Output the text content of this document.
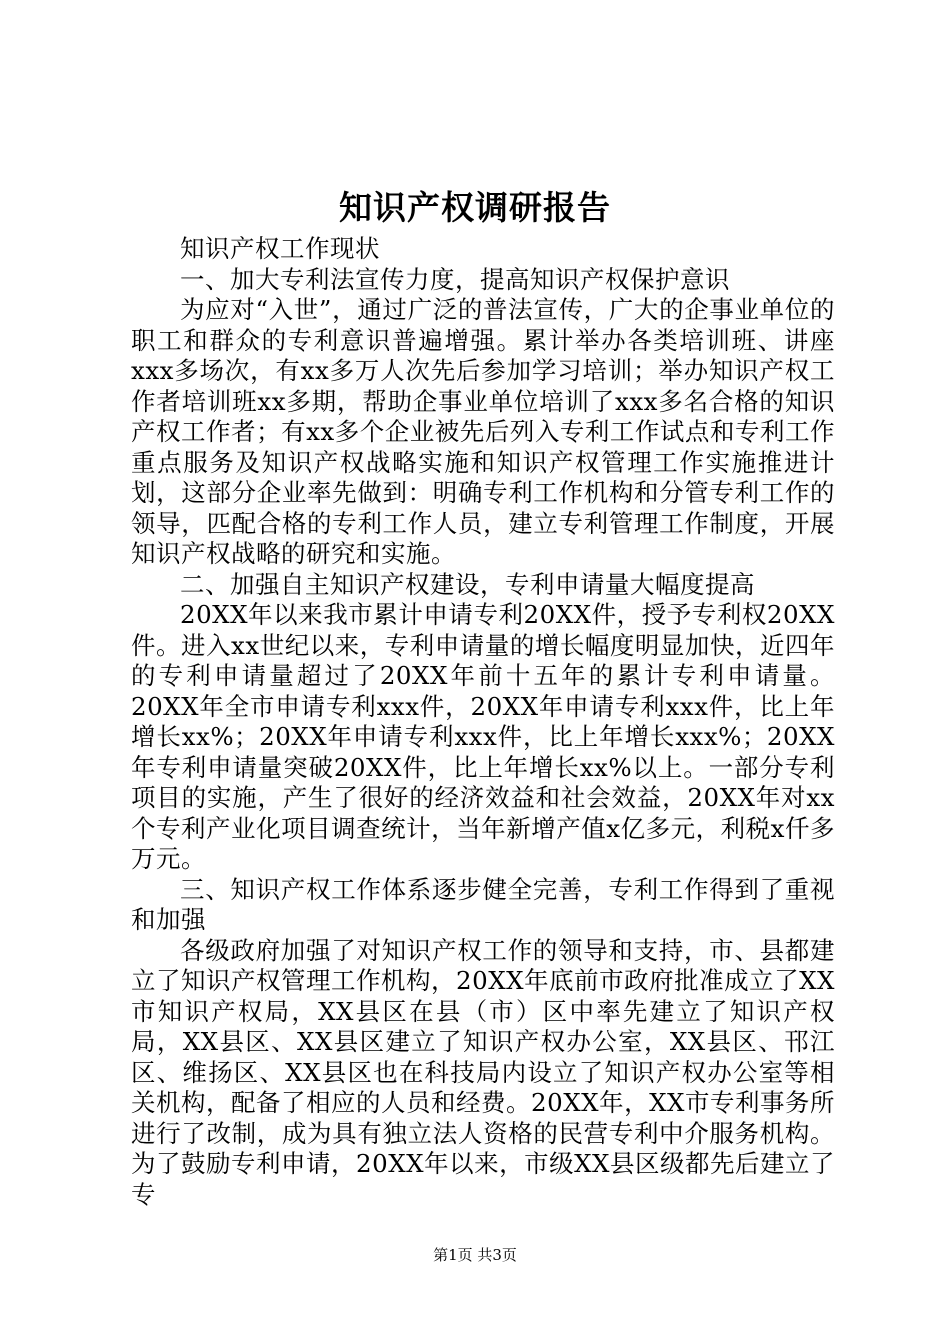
知识产权调研报告

知识产权工作现状

一、加大专利法宣传力度，提高知识产权保护意识

为应对“入世”，通过广泛的普法宣传，广大的企事业单位的职工和群众的专利意识普遍增强。累计举办各类培训班、讲座xxx多场次，有xx多万人次先后参加学习培训；举办知识产权工作者培训班xx多期，帮助企事业单位培训了xxx多名合格的知识产权工作者；有xx多个企业被先后列入专利工作试点和专利工作重点服务及知识产权战略实施和知识产权管理工作实施推进计划，这部分企业率先做到：明确专利工作机构和分管专利工作的领导，匹配合格的专利工作人员，建立专利管理工作制度，开展知识产权战略的研究和实施。

二、加强自主知识产权建设，专利申请量大幅度提高

20XX年以来我市累计申请专利20XX件，授予专利权20XX件。进入xx世纪以来，专利申请量的增长幅度明显加快，近四年的专利申请量超过了20XX年前十五年的累计专利申请量。20XX年全市申请专利xxx件，20XX年申请专利xxx件，比上年增长xx%；20XX年申请专利xxx件，比上年增长xxx%；20XX年专利申请量突破20XX件，比上年增长xx%以上。一部分专利项目的实施，产生了很好的经济效益和社会效益，20XX年对xx个专利产业化项目调查统计，当年新增产值x亿多元，利税x仟多万元。

三、知识产权工作体系逐步健全完善，专利工作得到了重视和加强

各级政府加强了对知识产权工作的领导和支持，市、县都建立了知识产权管理工作机构，20XX年底前市政府批准成立了XX市知识产权局，XX县区在县（市）区中率先建立了知识产权局，XX县区、XX县区建立了知识产权办公室，XX县区、邗江区、维扬区、XX县区也在科技局内设立了知识产权办公室等相关机构，配备了相应的人员和经费。20XX年，XX市专利事务所进行了改制，成为具有独立法人资格的民营专利中介服务机构。为了鼓励专利申请，20XX年以来，市级XX县区级都先后建立了专

第1页 共3页
